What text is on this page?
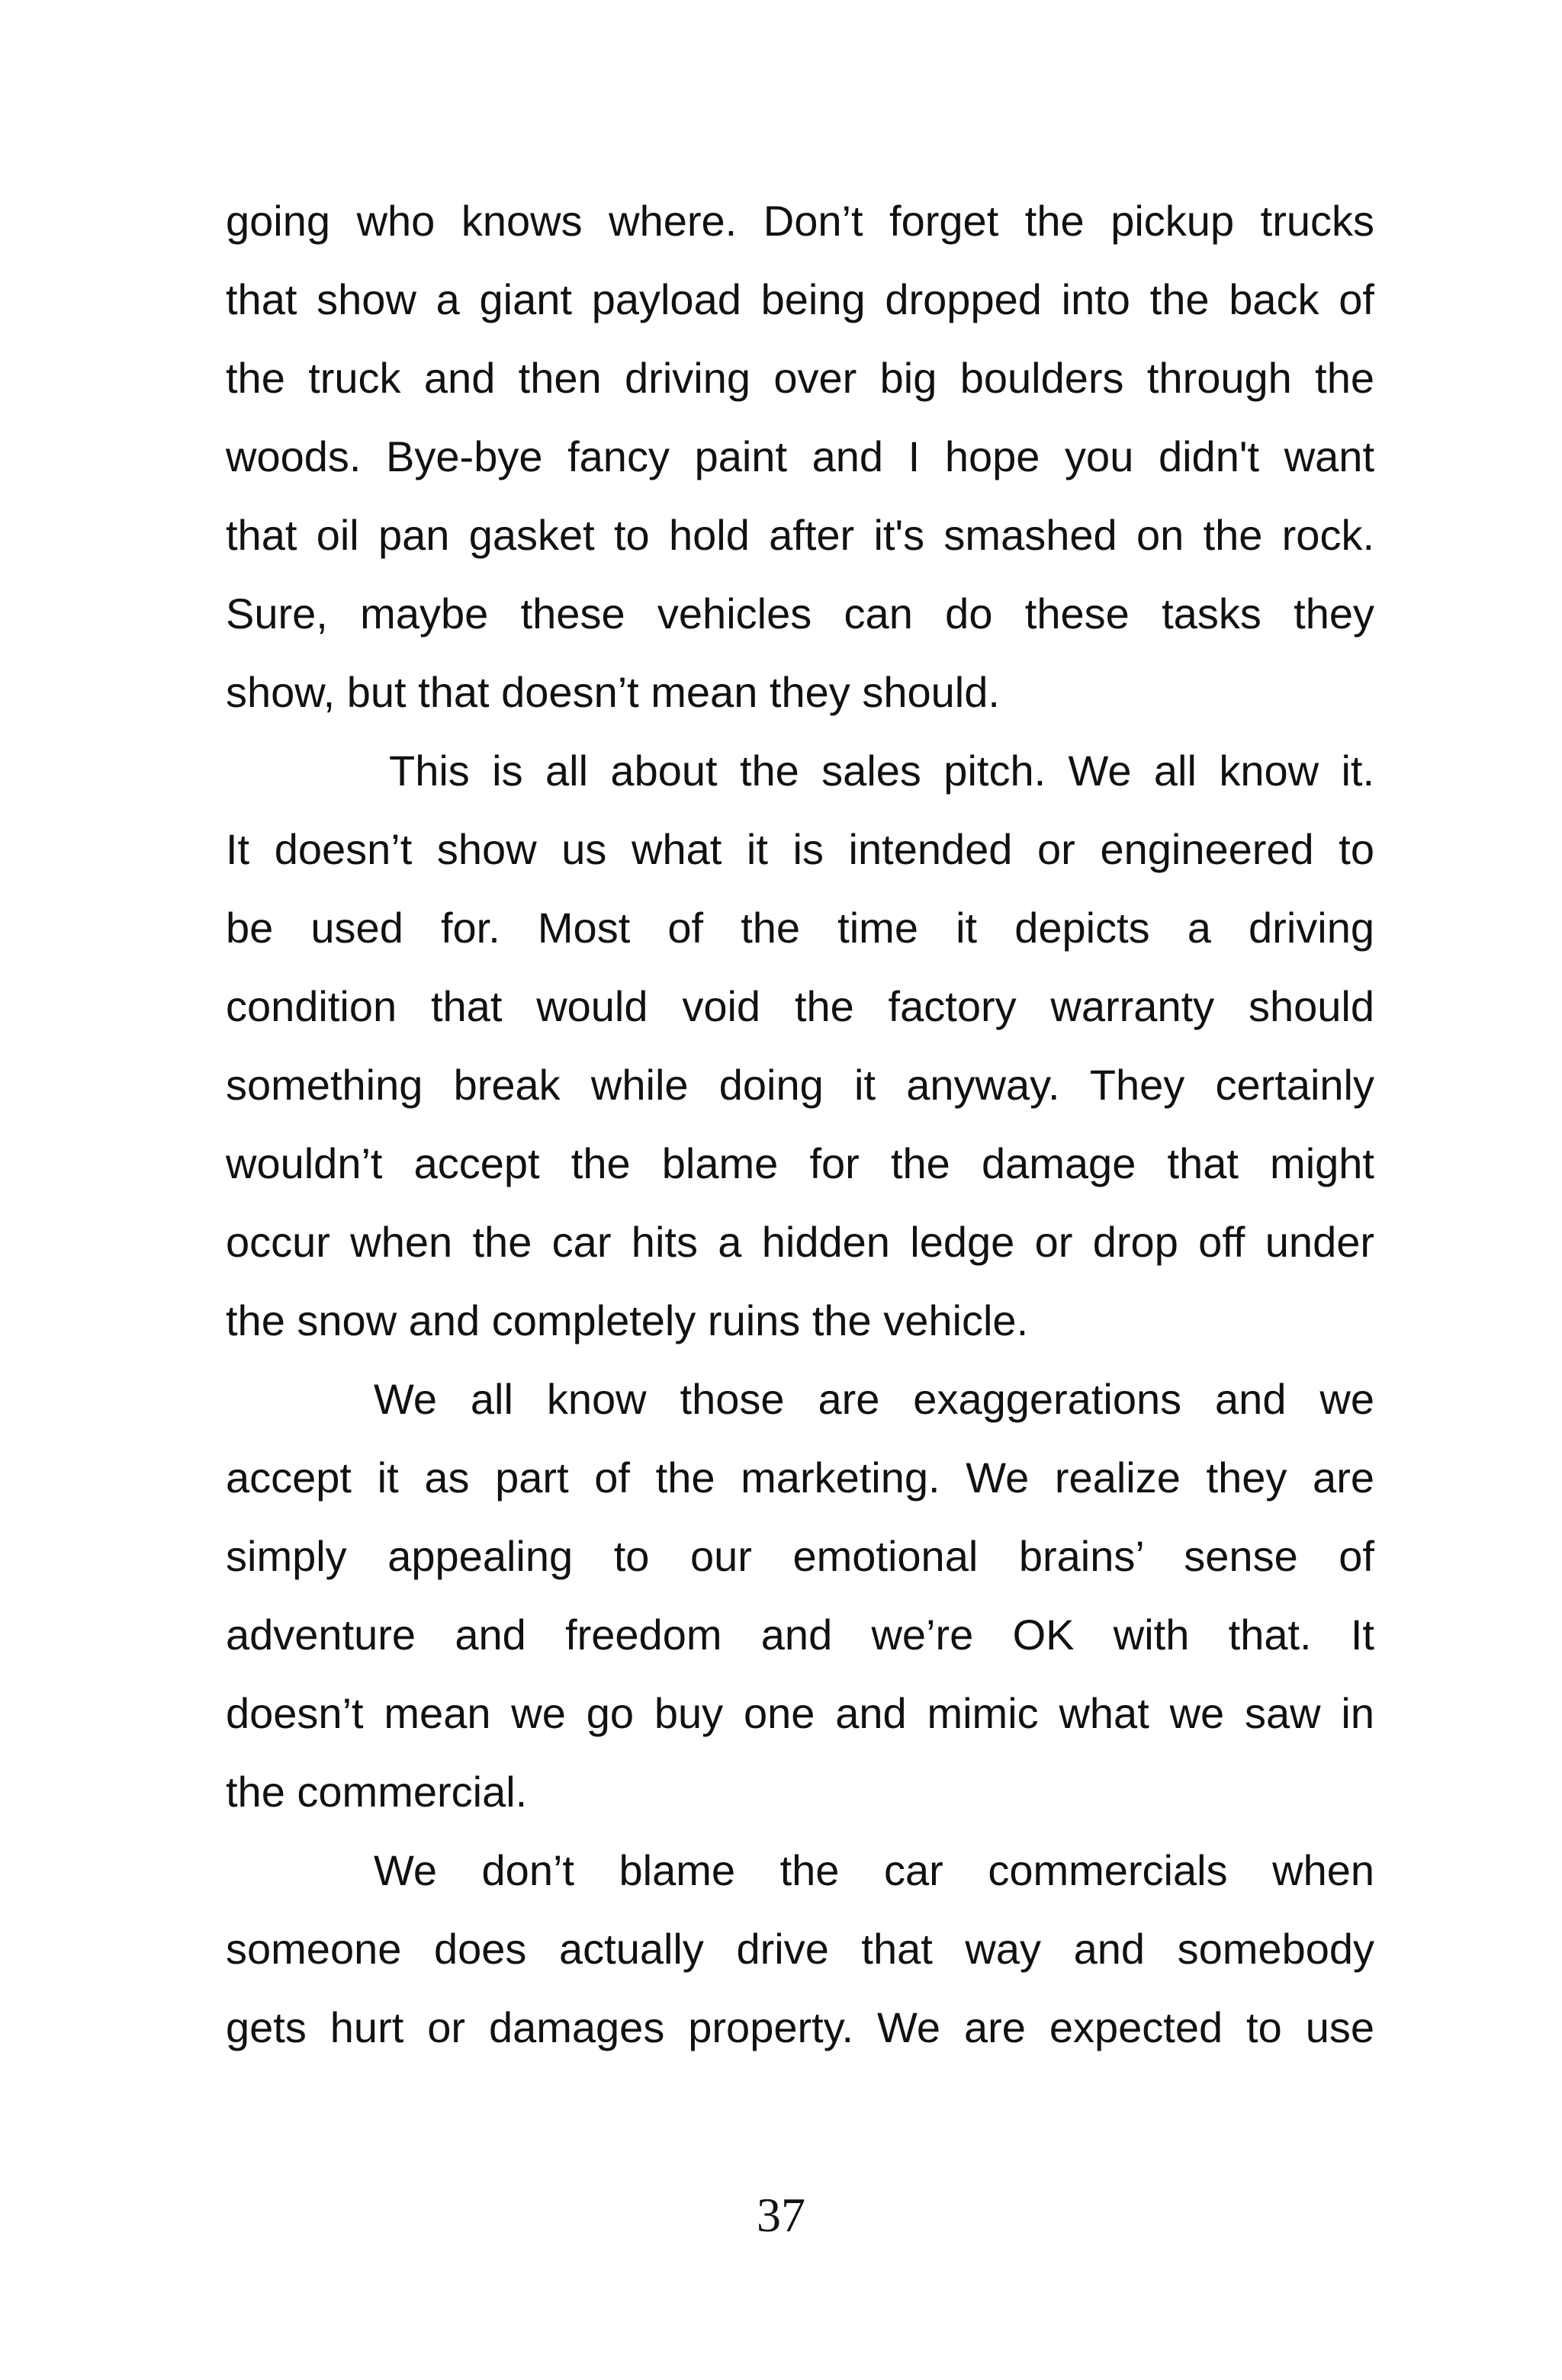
going who knows where. Don’t forget the pickup trucks
that show a giant payload being dropped into the back of
the truck and then driving over big boulders through the
woods. Bye-bye fancy paint and I hope you didn't want
that oil pan gasket to hold after it's smashed on the rock.
Sure, maybe these vehicles can do these tasks they
show, but that doesn’t mean they should.
This is all about the sales pitch. We all know it.
It doesn’t show us what it is intended or engineered to
be used for. Most of the time it depicts a driving
condition that would void the factory warranty should
something break while doing it anyway. They certainly
wouldn’t accept the blame for the damage that might
occur when the car hits a hidden ledge or drop off under
the snow and completely ruins the vehicle.
We all know those are exaggerations and we
accept it as part of the marketing. We realize they are
simply appealing to our emotional brains’ sense of
adventure and freedom and we’re OK with that. It
doesn’t mean we go buy one and mimic what we saw in
the commercial.
We don’t blame the car commercials when
someone does actually drive that way and somebody
gets hurt or damages property. We are expected to use
37
